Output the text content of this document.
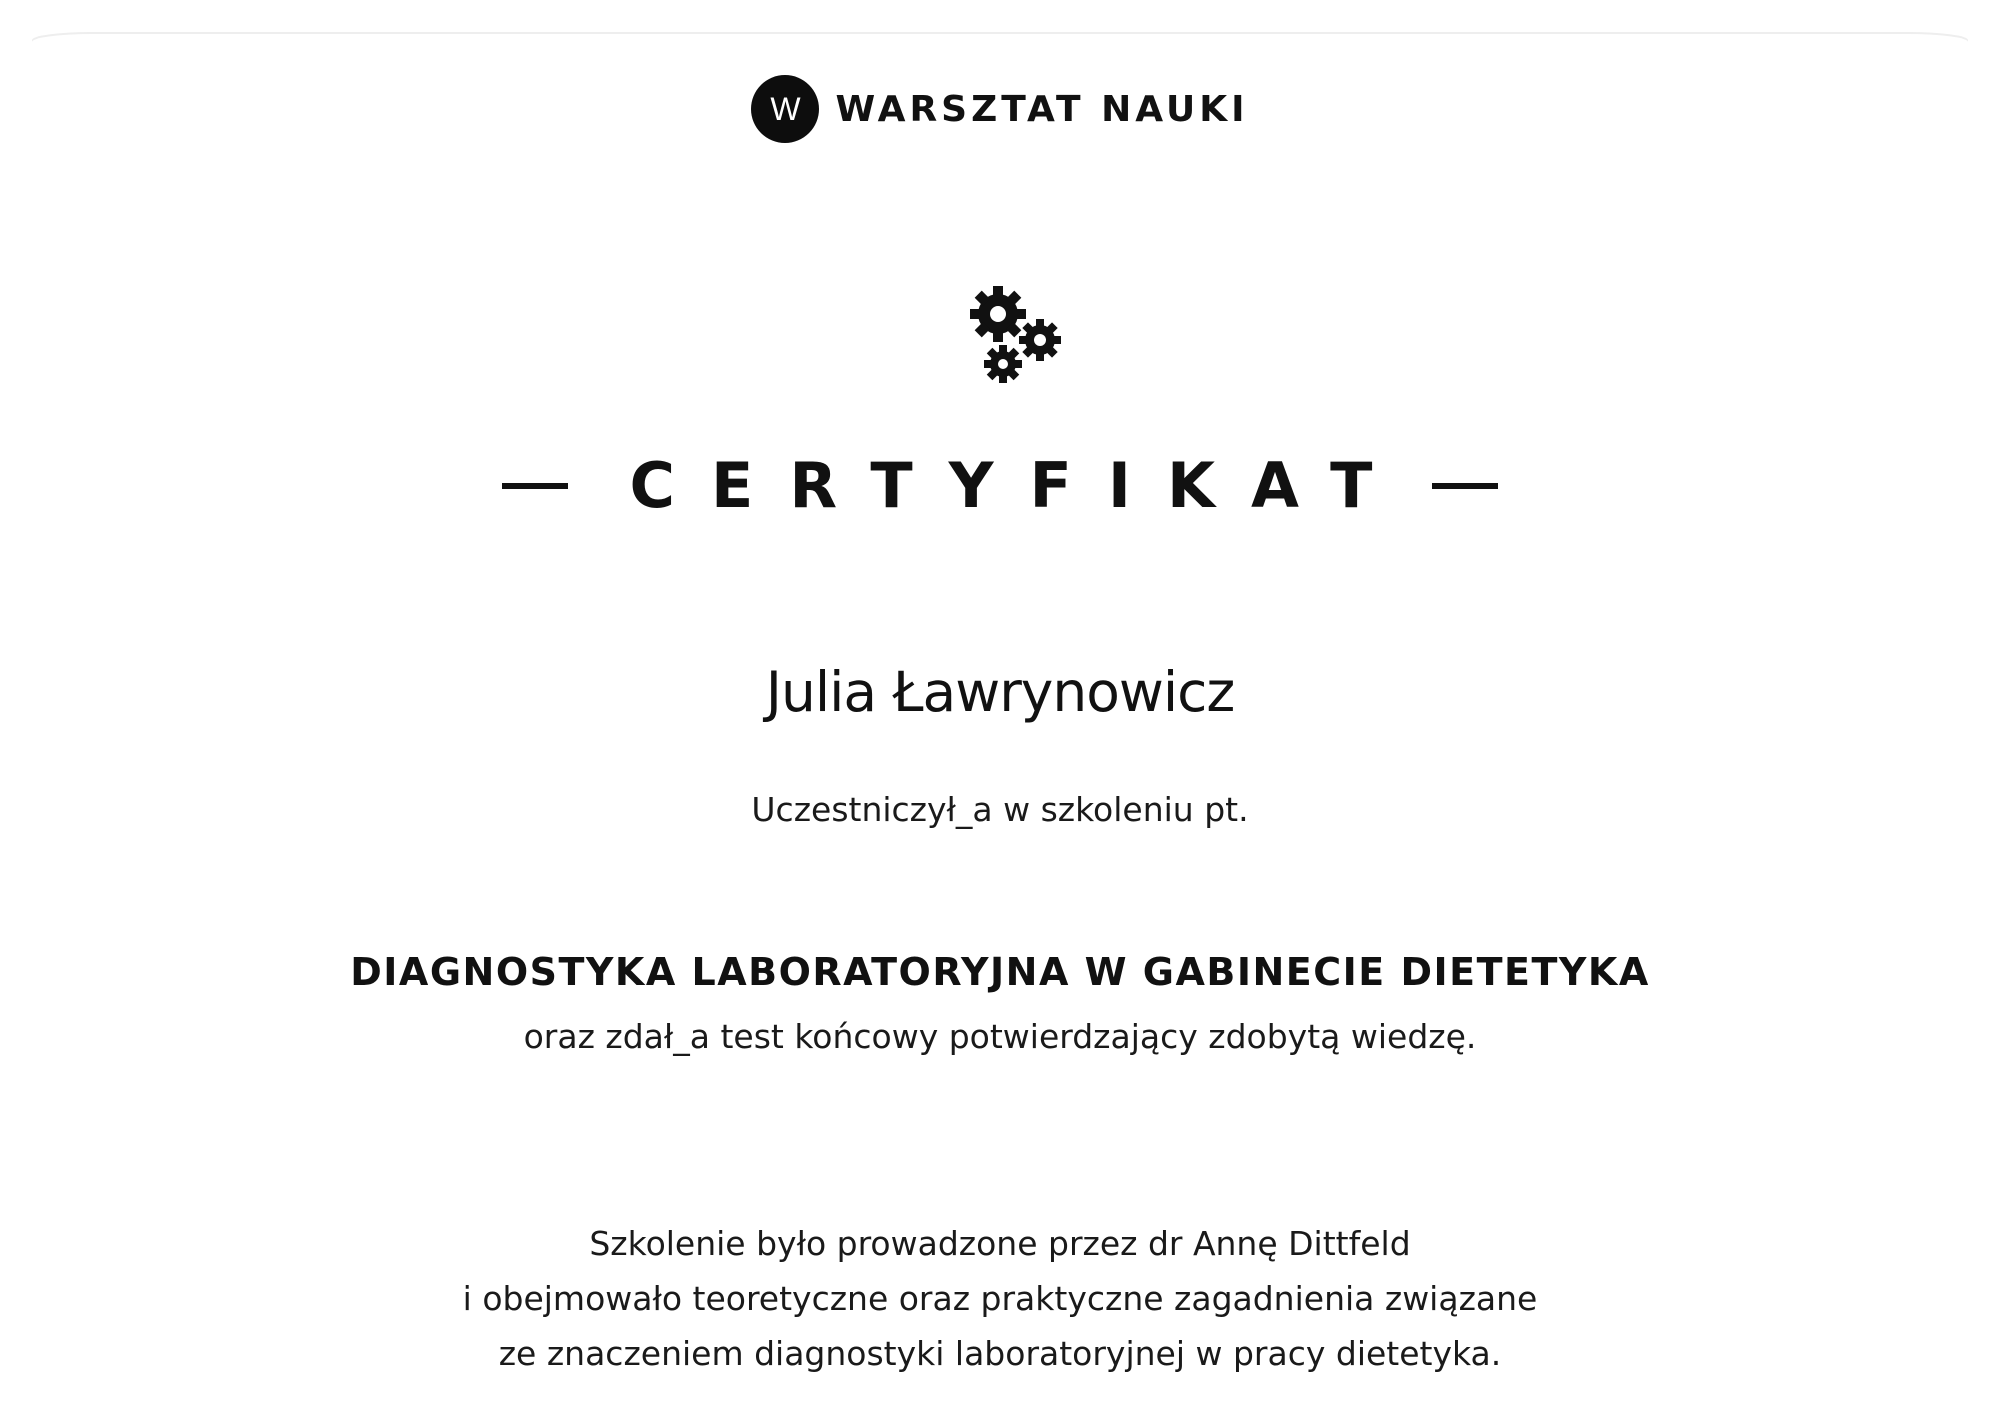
W WARSZTAT NAUKI
CERTYFIKAT
Julia Ławrynowicz
Uczestniczył_a w szkoleniu pt.
DIAGNOSTYKA LABORATORYJNA W GABINECIE DIETETYKA
oraz zdał_a test końcowy potwierdzający zdobytą wiedzę.
Szkolenie było prowadzone przez dr Annę Dittfeld
i obejmowało teoretyczne oraz praktyczne zagadnienia związane
ze znaczeniem diagnostyki laboratoryjnej w pracy dietetyka.
